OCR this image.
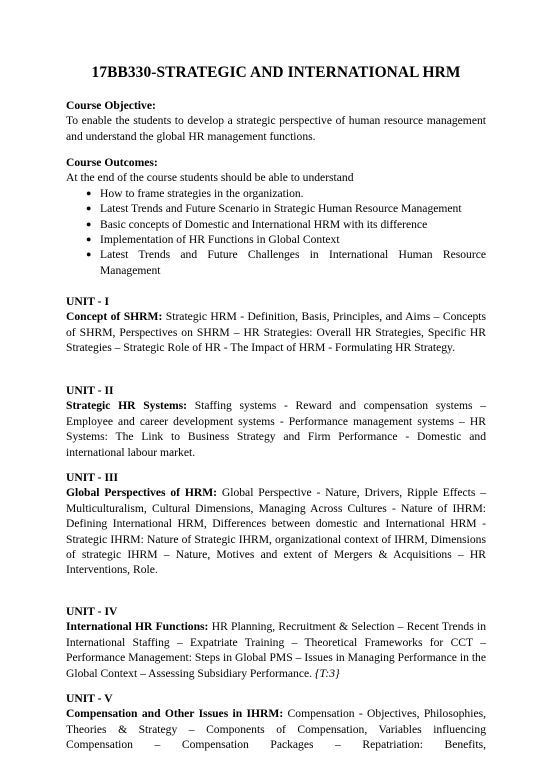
17BB330-STRATEGIC AND INTERNATIONAL HRM

Course Objective:

To enable the students to develop a strategic perspective of human resource management and understand the global HR management functions.

Course Outcomes:

At the end of the course students should be able to understand

● How to frame strategies in the organization.
● Latest Trends and Future Scenario in Strategic Human Resource Management
● Basic concepts of Domestic and International HRM with its difference
● Implementation of HR Functions in Global Context
● Latest Trends and Future Challenges in International Human Resource Management

UNIT - I

Concept of SHRM: Strategic HRM - Definition, Basis, Principles, and Aims – Concepts of SHRM, Perspectives on SHRM – HR Strategies: Overall HR Strategies, Specific HR Strategies – Strategic Role of HR - The Impact of HRM - Formulating HR Strategy.

UNIT - II

Strategic HR Systems: Staffing systems - Reward and compensation systems – Employee and career development systems - Performance management systems – HR Systems: The Link to Business Strategy and Firm Performance - Domestic and international labour market.

UNIT - III

Global Perspectives of HRM: Global Perspective - Nature, Drivers, Ripple Effects – Multiculturalism, Cultural Dimensions, Managing Across Cultures - Nature of IHRM: Defining International HRM, Differences between domestic and International HRM - Strategic IHRM: Nature of Strategic IHRM, organizational context of IHRM, Dimensions of strategic IHRM – Nature, Motives and extent of Mergers & Acquisitions – HR Interventions, Role.

UNIT - IV

International HR Functions: HR Planning, Recruitment & Selection – Recent Trends in International Staffing – Expatriate Training – Theoretical Frameworks for CCT – Performance Management: Steps in Global PMS – Issues in Managing Performance in the Global Context – Assessing Subsidiary Performance. {T:3}

UNIT - V

Compensation and Other Issues in IHRM: Compensation - Objectives, Philosophies, Theories & Strategy – Components of Compensation, Variables influencing Compensation – Compensation Packages – Repatriation: Benefits,
